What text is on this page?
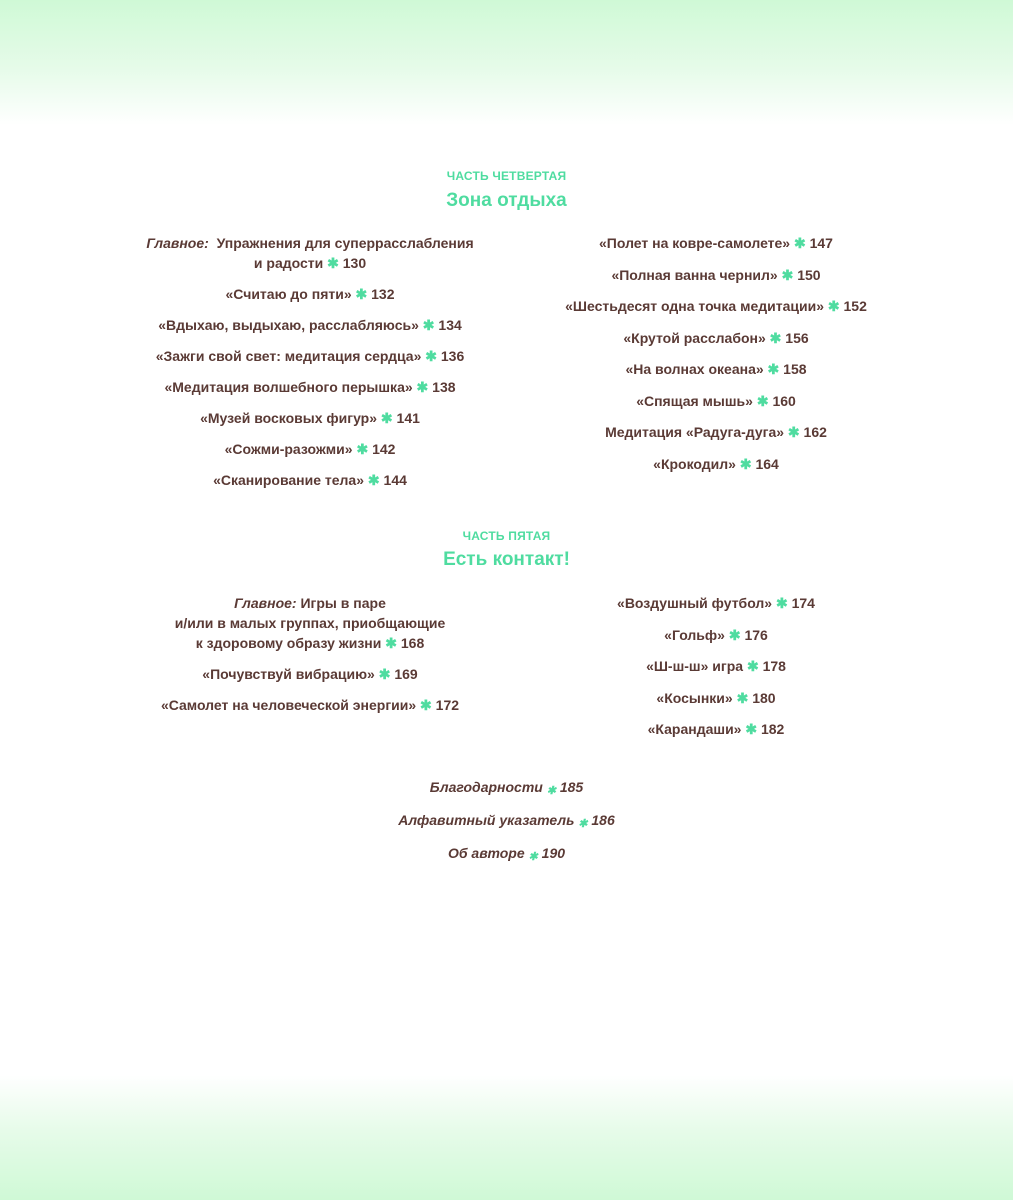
ЧАСТЬ ЧЕТВЕРТАЯ
Зона отдыха
Главное: Упражнения для суперрасслабления
и радости ✱ 130
«Считаю до пяти» ✱ 132
«Вдыхаю, выдыхаю, расслабляюсь» ✱ 134
«Зажги свой свет: медитация сердца» ✱ 136
«Медитация волшебного перышка» ✱ 138
«Музей восковых фигур» ✱ 141
«Сожми-разожми» ✱ 142
«Сканирование тела» ✱ 144
«Полет на ковре-самолете» ✱ 147
«Полная ванна чернил» ✱ 150
«Шестьдесят одна точка медитации» ✱ 152
«Крутой расслабон» ✱ 156
«На волнах океана» ✱ 158
«Спящая мышь» ✱ 160
Медитация «Радуга-дуга» ✱ 162
«Крокодил» ✱ 164
ЧАСТЬ ПЯТАЯ
Есть контакт!
Главное: Игры в паре
и/или в малых группах, приобщающие
к здоровому образу жизни ✱ 168
«Почувствуй вибрацию» ✱ 169
«Самолет на человеческой энергии» ✱ 172
«Воздушный футбол» ✱ 174
«Гольф» ✱ 176
«Ш-ш-ш» игра ✱ 178
«Косынки» ✱ 180
«Карандаши» ✱ 182
Благодарности ✱ 185
Алфавитный указатель ✱ 186
Об авторе ✱ 190
